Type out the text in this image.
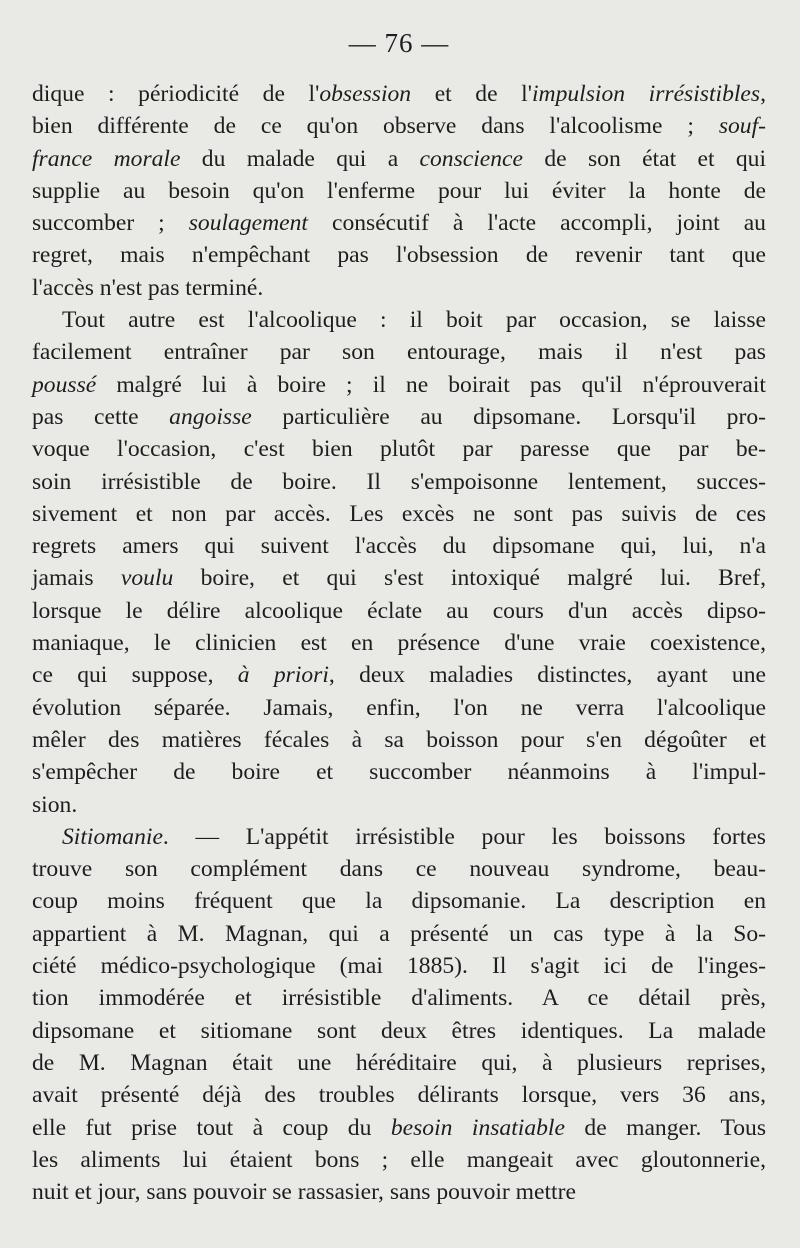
— 76 —
dique : périodicité de l'obsession et de l'impulsion irrésistibles,
bien différente de ce qu'on observe dans l'alcoolisme ; souf-
france morale du malade qui a conscience de son état et qui
supplie au besoin qu'on l'enferme pour lui éviter la honte de
succomber ; soulagement consécutif à l'acte accompli, joint au
regret, mais n'empêchant pas l'obsession de revenir tant que
l'accès n'est pas terminé.
Tout autre est l'alcoolique : il boit par occasion, se laisse
facilement entraîner par son entourage, mais il n'est pas
poussé malgré lui à boire ; il ne boirait pas qu'il n'éprouverait
pas cette angoisse particulière au dipsomane. Lorsqu'il pro-
voque l'occasion, c'est bien plutôt par paresse que par be-
soin irrésistible de boire. Il s'empoisonne lentement, succes-
sivement et non par accès. Les excès ne sont pas suivis de ces
regrets amers qui suivent l'accès du dipsomane qui, lui, n'a
jamais voulu boire, et qui s'est intoxiqué malgré lui. Bref,
lorsque le délire alcoolique éclate au cours d'un accès dipso-
maniaque, le clinicien est en présence d'une vraie coexistence,
ce qui suppose, à priori, deux maladies distinctes, ayant une
évolution séparée. Jamais, enfin, l'on ne verra l'alcoolique
mêler des matières fécales à sa boisson pour s'en dégoûter et
s'empêcher de boire et succomber néanmoins à l'impul-
sion.
Sitiomanie. — L'appétit irrésistible pour les boissons fortes
trouve son complément dans ce nouveau syndrome, beau-
coup moins fréquent que la dipsomanie. La description en
appartient à M. Magnan, qui a présenté un cas type à la So-
ciété médico-psychologique (mai 1885). Il s'agit ici de l'inges-
tion immodérée et irrésistible d'aliments. A ce détail près,
dipsomane et sitiomane sont deux êtres identiques. La malade
de M. Magnan était une héréditaire qui, à plusieurs reprises,
avait présenté déjà des troubles délirants lorsque, vers 36 ans,
elle fut prise tout à coup du besoin insatiable de manger. Tous
les aliments lui étaient bons ; elle mangeait avec gloutonnerie,
nuit et jour, sans pouvoir se rassasier, sans pouvoir mettre
